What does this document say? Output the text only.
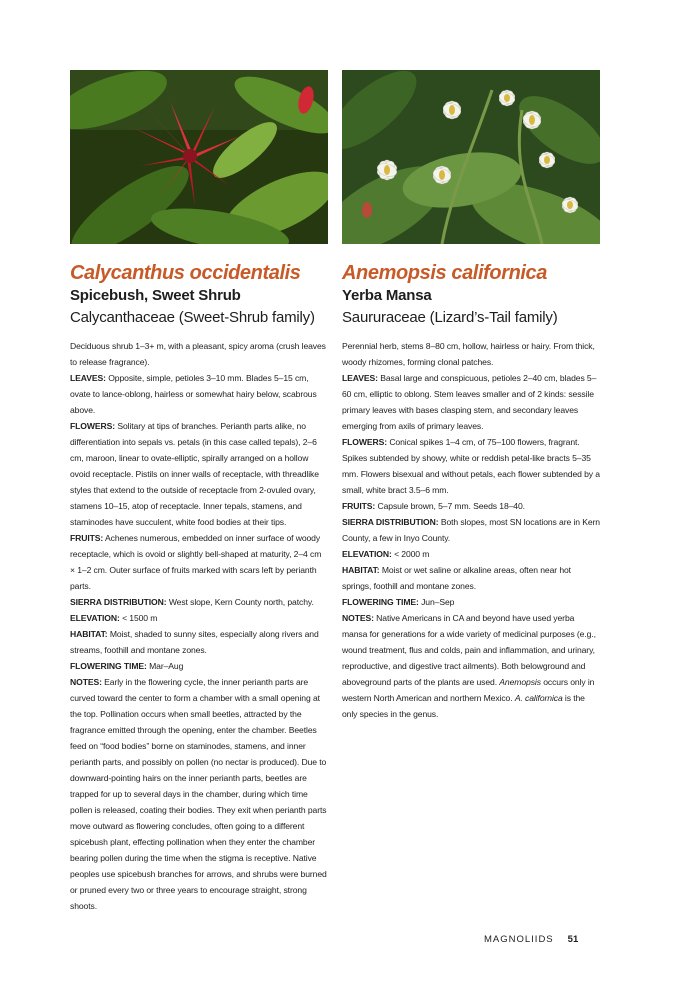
Calycanthus occidentalis
Spicebush, Sweet Shrub
Calycanthaceae (Sweet-Shrub family)

Deciduous shrub 1–3+ m, with a pleasant, spicy aroma (crush leaves to release fragrance).

LEAVES: Opposite, simple, petioles 3–10 mm. Blades 5–15 cm, ovate to lance-oblong, hairless or somewhat hairy below, scabrous above.

FLOWERS: Solitary at tips of branches. Perianth parts alike, no differentiation into sepals vs. petals (in this case called tepals), 2–6 cm, maroon, linear to ovate-elliptic, spirally arranged on a hollow ovoid receptacle. Pistils on inner walls of receptacle, with threadlike styles that extend to the outside of receptacle from 2-ovuled ovary, stamens 10–15, atop of receptacle. Inner tepals, stamens, and staminodes have succulent, white food bodies at their tips.

FRUITS: Achenes numerous, embedded on inner surface of woody receptacle, which is ovoid or slightly bell-shaped at maturity, 2–4 cm × 1–2 cm. Outer surface of fruits marked with scars left by perianth parts.

SIERRA DISTRIBUTION: West slope, Kern County north, patchy.

ELEVATION: < 1500 m

HABITAT: Moist, shaded to sunny sites, especially along rivers and streams, foothill and montane zones.

FLOWERING TIME: Mar–Aug

NOTES: Early in the flowering cycle, the inner perianth parts are curved toward the center to form a chamber with a small opening at the top. Pollination occurs when small beetles, attracted by the fragrance emitted through the opening, enter the chamber. Beetles feed on “food bodies” borne on staminodes, stamens, and inner perianth parts, and possibly on pollen (no nectar is produced). Due to downward-pointing hairs on the inner perianth parts, beetles are trapped for up to several days in the chamber, during which time pollen is released, coating their bodies. They exit when perianth parts move outward as flowering concludes, often going to a different spicebush plant, effecting pollination when they enter the chamber bearing pollen during the time when the stigma is receptive. Native peoples use spicebush branches for arrows, and shrubs were burned or pruned every two or three years to encourage straight, strong shoots.

Anemopsis californica
Yerba Mansa
Saururaceae (Lizard’s-Tail family)

Perennial herb, stems 8–80 cm, hollow, hairless or hairy. From thick, woody rhizomes, forming clonal patches.

LEAVES: Basal large and conspicuous, petioles 2–40 cm, blades 5–60 cm, elliptic to oblong. Stem leaves smaller and of 2 kinds: sessile primary leaves with bases clasping stem, and secondary leaves emerging from axils of primary leaves.

FLOWERS: Conical spikes 1–4 cm, of 75–100 flowers, fragrant. Spikes subtended by showy, white or reddish petal-like bracts 5–35 mm. Flowers bisexual and without petals, each flower subtended by a small, white bract 3.5–6 mm.

FRUITS: Capsule brown, 5–7 mm. Seeds 18–40.

SIERRA DISTRIBUTION: Both slopes, most SN locations are in Kern County, a few in Inyo County.

ELEVATION: < 2000 m

HABITAT: Moist or wet saline or alkaline areas, often near hot springs, foothill and montane zones.

FLOWERING TIME: Jun–Sep

NOTES: Native Americans in CA and beyond have used yerba mansa for generations for a wide variety of medicinal purposes (e.g., wound treatment, flus and colds, pain and inflammation, and urinary, reproductive, and digestive tract ailments). Both belowground and aboveground parts of the plants are used. Anemopsis occurs only in western North American and northern Mexico. A. californica is the only species in the genus.

MAGNOLIIDS 51
